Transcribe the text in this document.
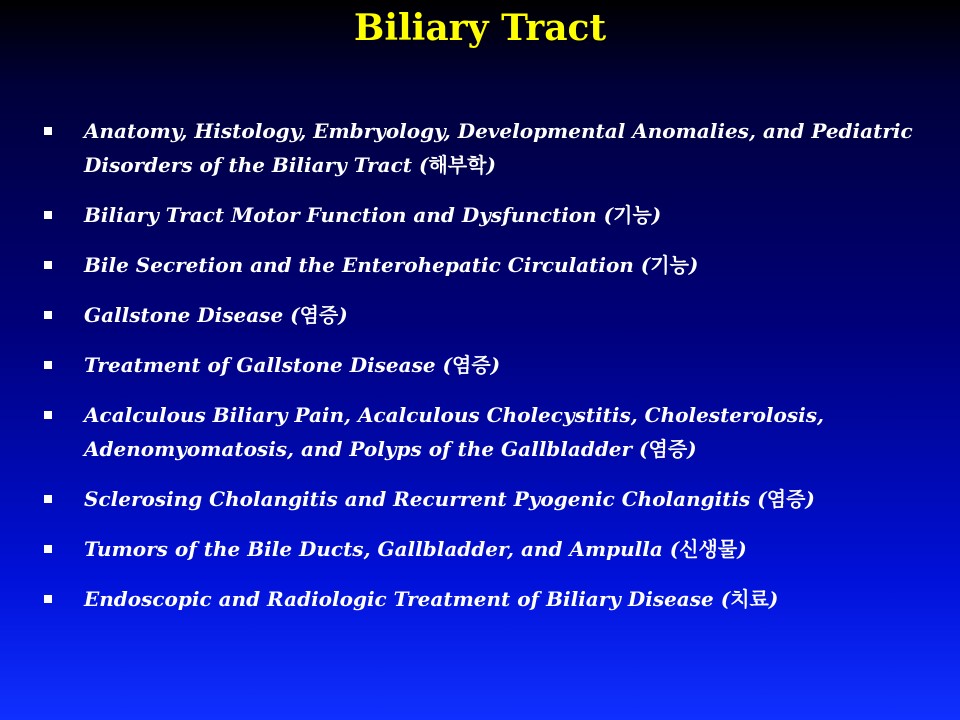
Biliary Tract
Anatomy, Histology, Embryology, Developmental Anomalies, and Pediatric Disorders of the Biliary Tract (해부학)
Biliary Tract Motor Function and Dysfunction (기능)
Bile Secretion and the Enterohepatic Circulation (기능)
Gallstone Disease (염증)
Treatment of Gallstone Disease (염증)
Acalculous Biliary Pain, Acalculous Cholecystitis, Cholesterolosis, Adenomyomatosis, and Polyps of the Gallbladder (염증)
Sclerosing Cholangitis and Recurrent Pyogenic Cholangitis (염증)
Tumors of the Bile Ducts, Gallbladder, and Ampulla (신생물)
Endoscopic and Radiologic Treatment of Biliary Disease (치료)
